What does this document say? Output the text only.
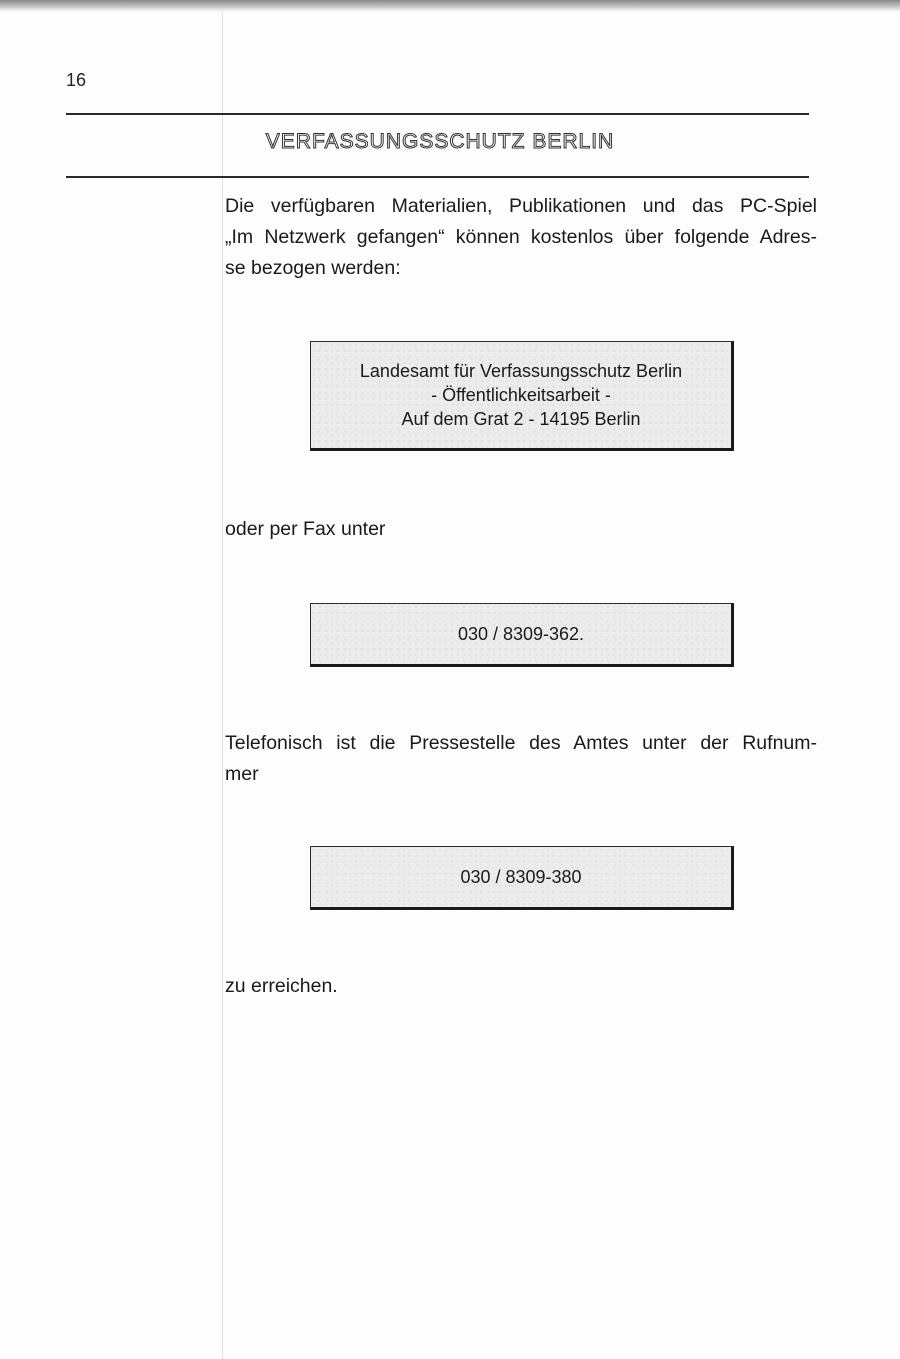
16
VERFASSUNGSSCHUTZ BERLIN
Die verfügbaren Materialien, Publikationen und das PC-Spiel
„Im Netzwerk gefangen“ können kostenlos über folgende Adres-
se bezogen werden:
Landesamt für Verfassungsschutz Berlin
- Öffentlichkeitsarbeit -
Auf dem Grat 2 - 14195 Berlin
oder per Fax unter
030 / 8309-362.
Telefonisch ist die Pressestelle des Amtes unter der Rufnum-
mer
030 / 8309-380
zu erreichen.
